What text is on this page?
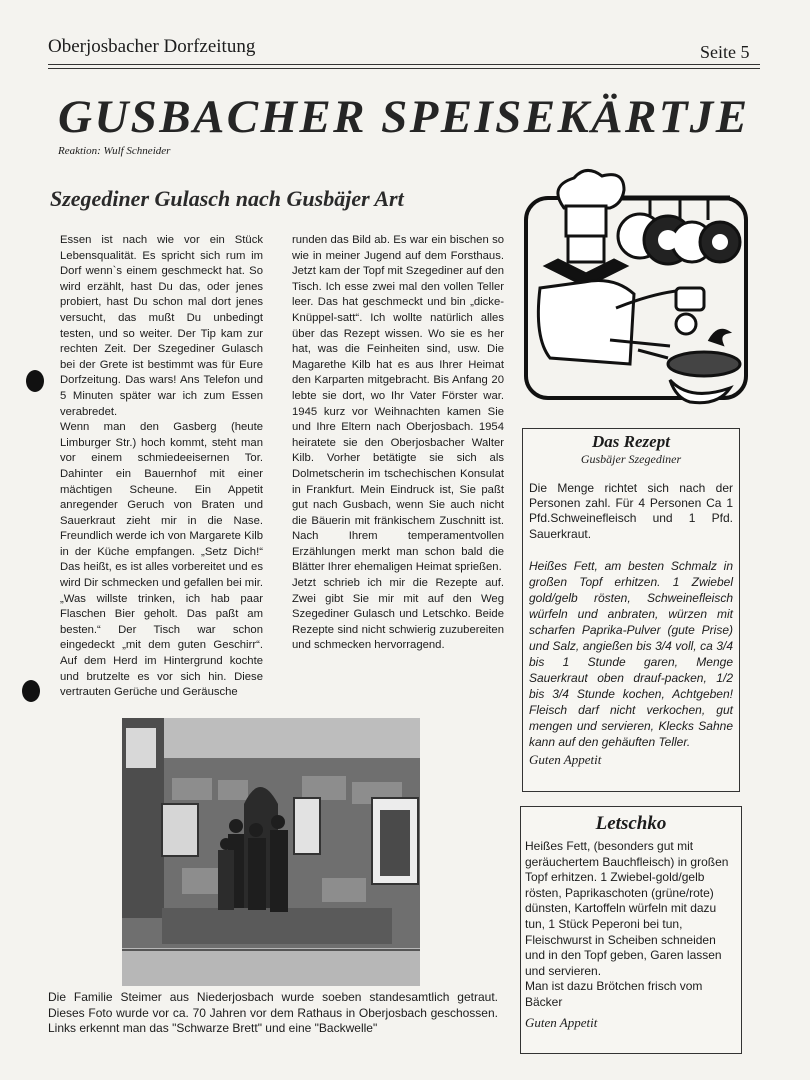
Oberjosbacher Dorfzeitung	Seite 5
GUSBACHER SPEISEKÄRTJE
Reaktion: Wulf Schneider
Szegediner Gulasch nach Gusbäjer Art

Essen ist nach wie vor ein Stück Lebensqualität. Es spricht sich rum im Dorf wenn`s einem geschmeckt hat. So wird erzählt, hast Du das, oder jenes probiert, hast Du schon mal dort jenes versucht, das mußt Du unbedingt testen, und so weiter. Der Tip kam zur rechten Zeit. Der Szegediner Gulasch bei der Grete ist bestimmt was für Eure Dorfzeitung. Das wars! Ans Telefon und 5 Minuten später war ich zum Essen verabredet.

Wenn man den Gasberg (heute Limburger Str.) hoch kommt, steht man vor einem schmiedeeisernen Tor. Dahinter ein Bauernhof mit einer mächtigen Scheune. Ein Appetit anregender Geruch von Braten und Sauerkraut zieht mir in die Nase. Freundlich werde ich von Margarete Kilb in der Küche empfangen. „Setz Dich!“ Das heißt, es ist alles vorbereitet und es wird Dir schmecken und gefallen bei mir. „Was willste trinken, ich hab paar Flaschen Bier geholt. Das paßt am besten.“ Der Tisch war schon eingedeckt „mit dem guten Geschirr“. Auf dem Herd im Hintergrund kochte und brutzelte es vor sich hin. Diese vertrauten Gerüche und Geräusche

runden das Bild ab. Es war ein bischen so wie in meiner Jugend auf dem Forsthaus. Jetzt kam der Topf mit Szegediner auf den Tisch. Ich esse zwei mal den vollen Teller leer. Das hat geschmeckt und bin „dicke-Knüppel-satt“. Ich wollte natürlich alles über das Rezept wissen. Wo sie es her hat, was die Feinheiten sind, usw. Die Magarethe Kilb hat es aus Ihrer Heimat den Karparten mitgebracht. Bis Anfang 20 lebte sie dort, wo Ihr Vater Förster war. 1945 kurz vor Weihnachten kamen Sie und Ihre Eltern nach Oberjosbach. 1954 heiratete sie den Oberjosbacher Walter Kilb. Vorher betätigte sie sich als Dolmetscherin im tschechischen Konsulat in Frankfurt. Mein Eindruck ist, Sie paßt gut nach Gusbach, wenn Sie auch nicht die Bäuerin mit fränkischem Zuschnitt ist. Nach Ihrem temperamentvollen Erzählungen merkt man schon bald die Blätter Ihrer ehemaligen Heimat sprießen.

Jetzt schrieb ich mir die Rezepte auf. Zwei gibt Sie mir mit auf den Weg Szegediner Gulasch und Letschko. Beide Rezepte sind nicht schwierig zuzubereiten und schmecken hervorragend.

Das Rezept
Gusbäjer Szegediner
Die Menge richtet sich nach der Personen zahl. Für 4 Personen Ca 1 Pfd.Schweinefleisch und 1 Pfd. Sauerkraut.
Heißes Fett, am besten Schmalz in großen Topf erhitzen. 1 Zwiebel gold/gelb rösten, Schweinefleisch würfeln und anbraten, würzen mit scharfen Paprika-Pulver (gute Prise) und Salz, angießen bis 3/4 voll, ca 3/4 bis 1 Stunde garen, Menge Sauerkraut oben drauf-packen, 1/2 bis 3/4 Stunde kochen, Achtgeben! Fleisch darf nicht verkochen, gut mengen und servieren, Klecks Sahne kann auf den gehäuften Teller.
Guten Appetit
Letschko
Heißes Fett, (besonders gut mit geräuchertem Bauchfleisch) in großen Topf erhitzen. 1 Zwiebel-gold/gelb rösten, Paprikaschoten (grüne/rote) dünsten, Kartoffeln würfeln mit dazu tun, 1 Stück Peperoni bei tun, Fleischwurst in Scheiben schneiden und in den Topf geben, Garen lassen und servieren.
Man ist dazu Brötchen frisch vom Bäcker
Guten Appetit
Die Familie Steimer aus Niederjosbach wurde soeben standesamtlich getraut. Dieses Foto wurde vor ca. 70 Jahren vor dem Rathaus in Oberjosbach geschossen. Links erkennt man das "Schwarze Brett" und eine "Backwelle"
